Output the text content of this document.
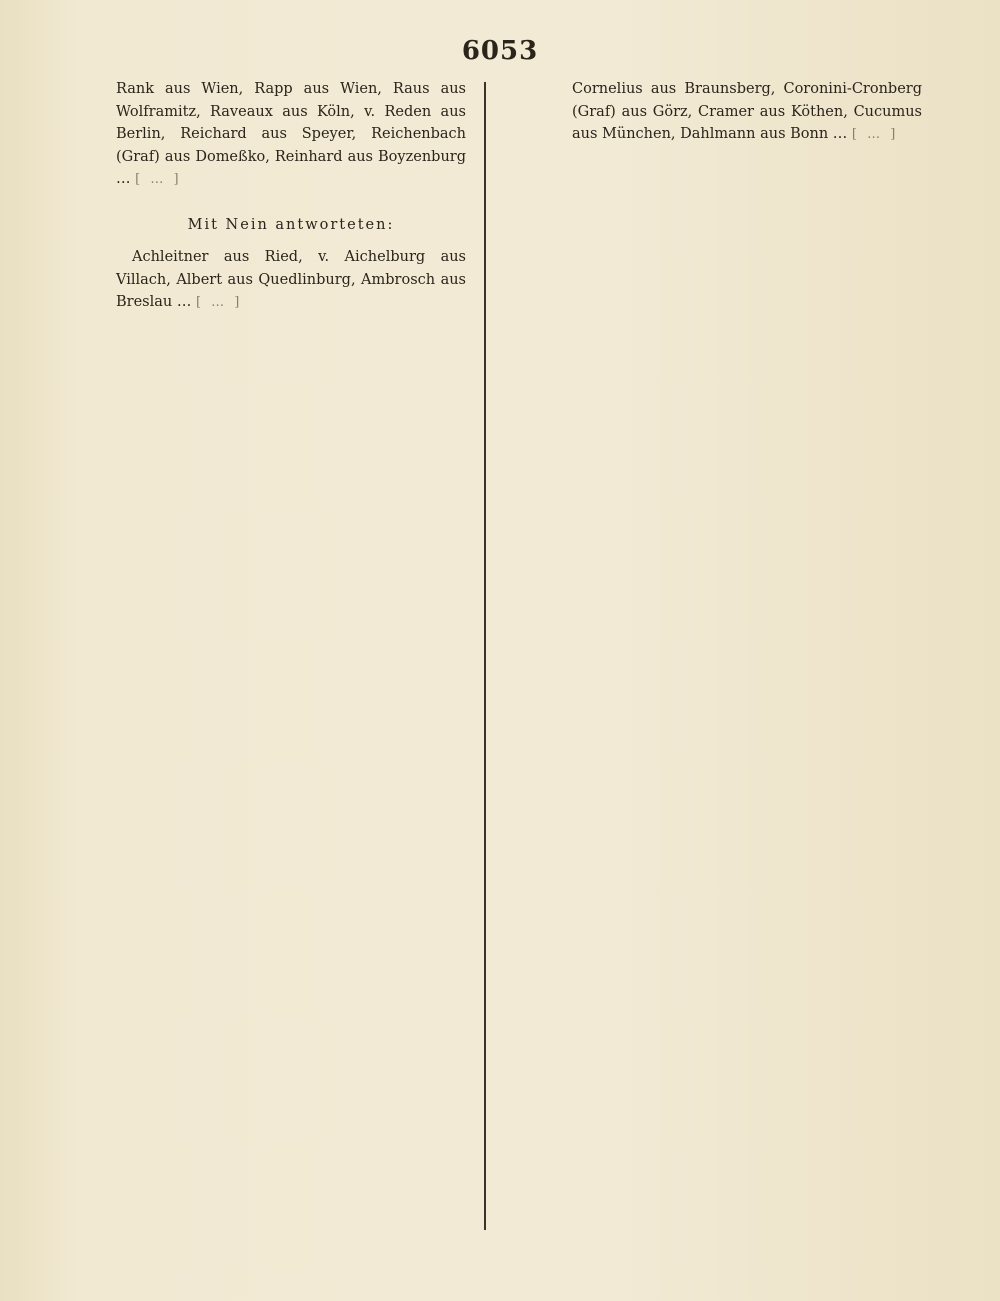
6053

Rank aus Wien, Rapp aus Wien, Raus aus Wolframitz, Raveaux aus Köln, v. Reden aus Berlin, Reichard aus Speyer, Reichenbach (Graf) aus Domeßko, Reinhard aus Boyzenburg … [ … ]

Mit Nein antworteten:

Achleitner aus Ried, v. Aichelburg aus Villach, Albert aus Quedlinburg, Ambrosch aus Breslau … [ … ]

Cornelius aus Braunsberg, Coronini-Cronberg (Graf) aus Görz, Cramer aus Köthen, Cucumus aus München, Dahlmann aus Bonn … [ … ]
